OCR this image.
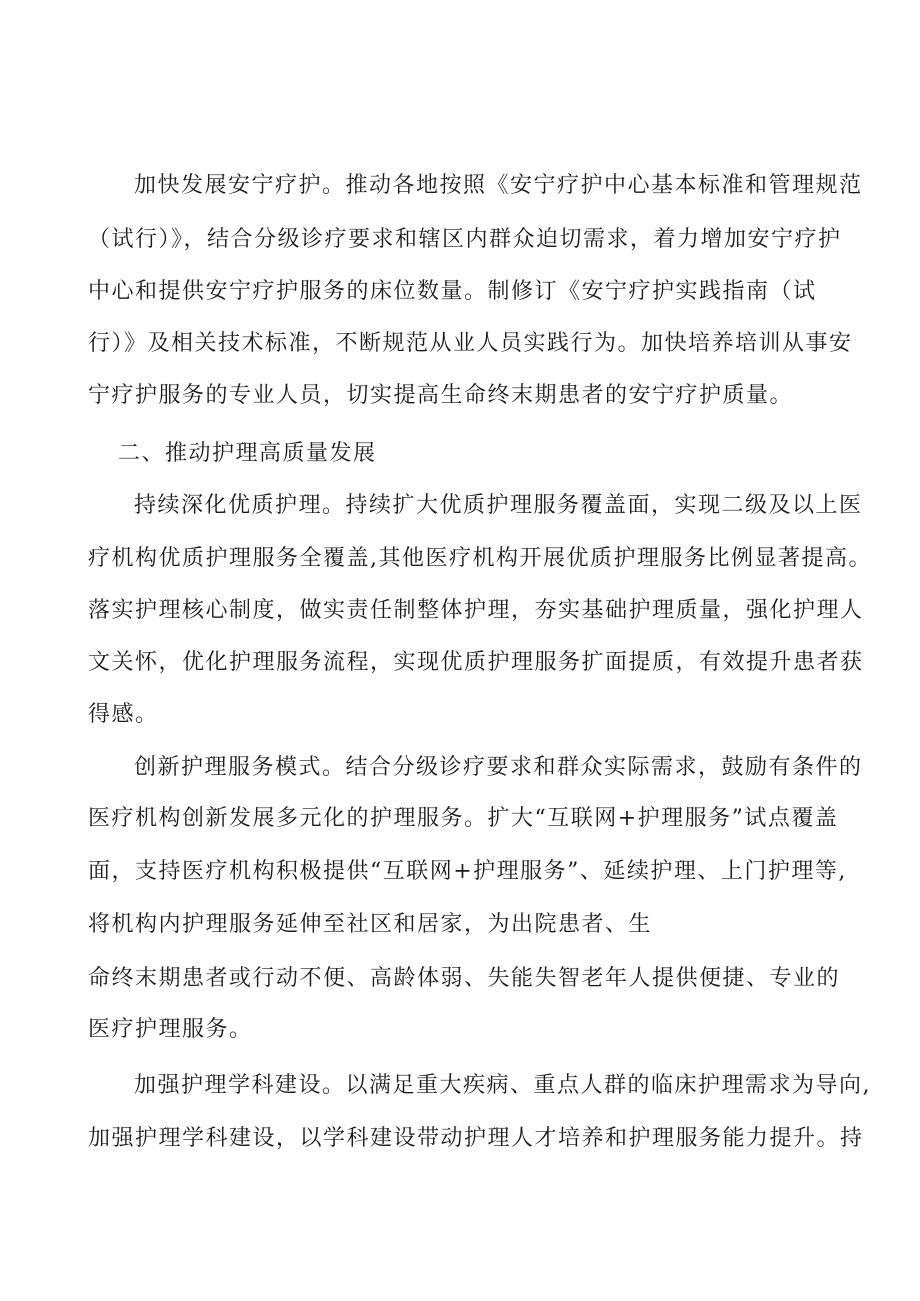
加快发展安宁疗护。推动各地按照《安宁疗护中心基本标准和管理规范
（试行）》，结合分级诊疗要求和辖区内群众迫切需求，着力增加安宁疗护
中心和提供安宁疗护服务的床位数量。制修订《安宁疗护实践指南（试
行）》及相关技术标准，不断规范从业人员实践行为。加快培养培训从事安
宁疗护服务的专业人员，切实提高生命终末期患者的安宁疗护质量。
二、推动护理高质量发展
持续深化优质护理。持续扩大优质护理服务覆盖面，实现二级及以上医
疗机构优质护理服务全覆盖,其他医疗机构开展优质护理服务比例显著提高。
落实护理核心制度，做实责任制整体护理，夯实基础护理质量，强化护理人
文关怀，优化护理服务流程，实现优质护理服务扩面提质，有效提升患者获
得感。
创新护理服务模式。结合分级诊疗要求和群众实际需求，鼓励有条件的
医疗机构创新发展多元化的护理服务。扩大“互联网+护理服务”试点覆盖
面，支持医疗机构积极提供“互联网+护理服务”、延续护理、上门护理等,
将机构内护理服务延伸至社区和居家，为出院患者、生
命终末期患者或行动不便、高龄体弱、失能失智老年人提供便捷、专业的
医疗护理服务。
加强护理学科建设。以满足重大疾病、重点人群的临床护理需求为导向,
加强护理学科建设，以学科建设带动护理人才培养和护理服务能力提升。持
